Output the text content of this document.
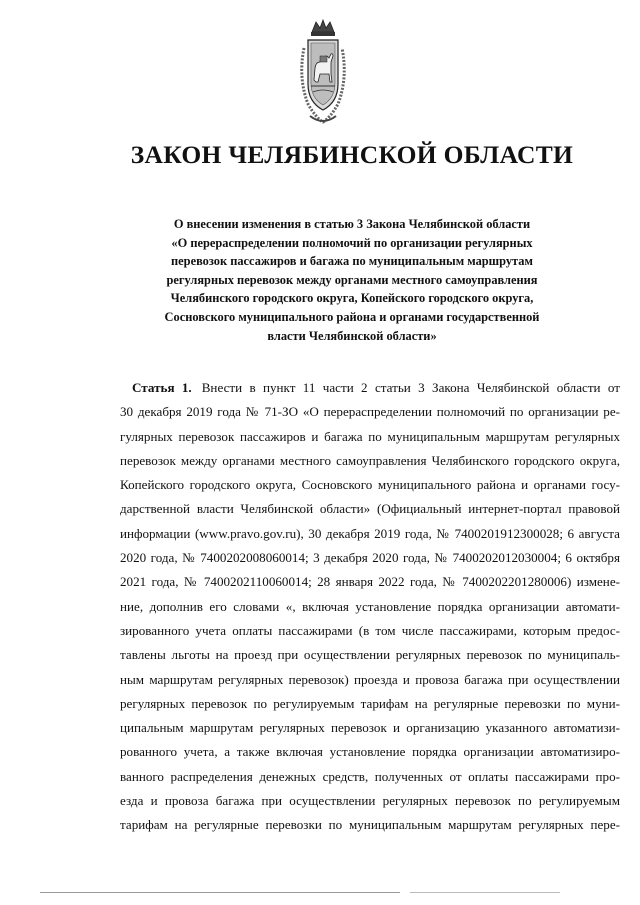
ЗАКОН ЧЕЛЯБИНСКОЙ ОБЛАСТИ
О внесении изменения в статью 3 Закона Челябинской области
«О перераспределении полномочий по организации регулярных
перевозок пассажиров и багажа по муниципальным маршрутам
регулярных перевозок между органами местного самоуправления
Челябинского городского округа, Копейского городского округа,
Сосновского муниципального района и органами государственной
власти Челябинской области»
Статья 1. Внести в пункт 11 части 2 статьи 3 Закона Челябинской области от
30 декабря 2019 года № 71-ЗО «О перераспределении полномочий по организации ре-
гулярных перевозок пассажиров и багажа по муниципальным маршрутам регулярных
перевозок между органами местного самоуправления Челябинского городского округа,
Копейского городского округа, Сосновского муниципального района и органами госу-
дарственной власти Челябинской области» (Официальный интернет-портал правовой
информации (www.pravo.gov.ru), 30 декабря 2019 года, № 7400201912300028; 6 августа
2020 года, № 7400202008060014; 3 декабря 2020 года, № 7400202012030004; 6 октября
2021 года, № 7400202110060014; 28 января 2022 года, № 7400202201280006) измене-
ние, дополнив его словами «, включая установление порядка организации автомати-
зированного учета оплаты пассажирами (в том числе пассажирами, которым предос-
тавлены льготы на проезд при осуществлении регулярных перевозок по муниципаль-
ным маршрутам регулярных перевозок) проезда и провоза багажа при осуществлении
регулярных перевозок по регулируемым тарифам на регулярные перевозки по муни-
ципальным маршрутам регулярных перевозок и организацию указанного автоматизи-
рованного учета, а также включая установление порядка организации автоматизиро-
ванного распределения денежных средств, полученных от оплаты пассажирами про-
езда и провоза багажа при осуществлении регулярных перевозок по регулируемым
тарифам на регулярные перевозки по муниципальным маршрутам регулярных пере-
